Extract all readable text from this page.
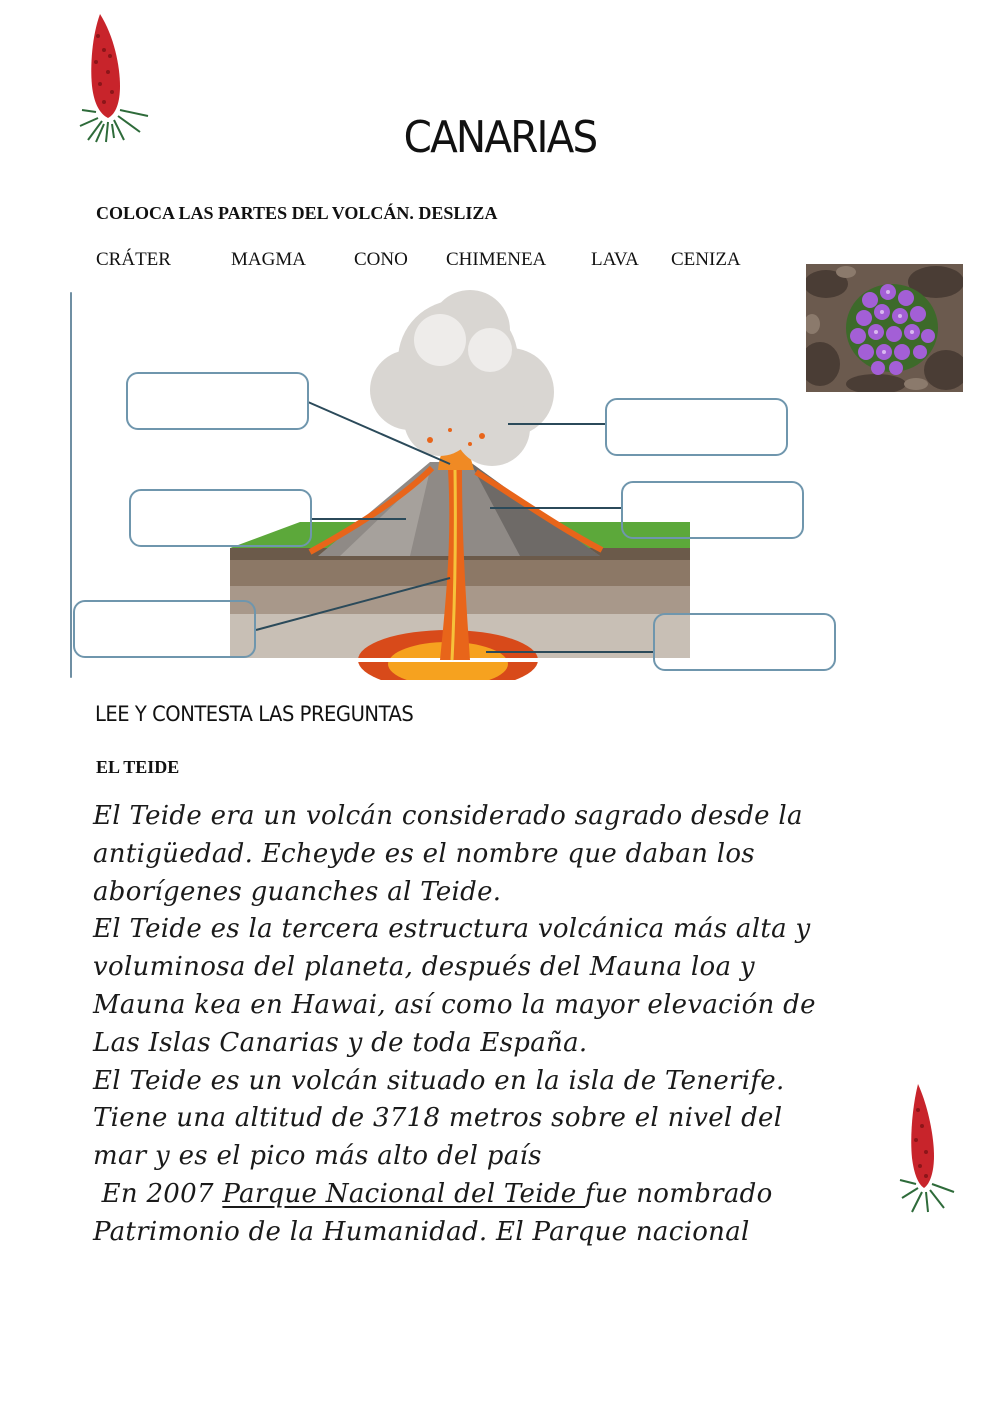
CANARIAS
COLOCA LAS PARTES DEL VOLCÁN. DESLIZA
CRÁTER	MAGMA	CONO CHIMENEA LAVA CENIZA
LEE Y CONTESTA LAS PREGUNTAS
EL TEIDE

El Teide era un volcán considerado sagrado desde la

antigüedad. Echeyde es el nombre que daban los

aborígenes guanches al Teide.

El Teide es la tercera estructura volcánica más alta y

voluminosa del planeta, después del Mauna loa y

Mauna kea en Hawai, así como la mayor elevación de

Las Islas Canarias y de toda España.

El Teide es un volcán situado en la isla de Tenerife.

Tiene una altitud de 3718 metros sobre el nivel del

mar y es el pico más alto del país

En 2007 Parque Nacional del Teide fue nombrado

Patrimonio de la Humanidad. El Parque nacional
